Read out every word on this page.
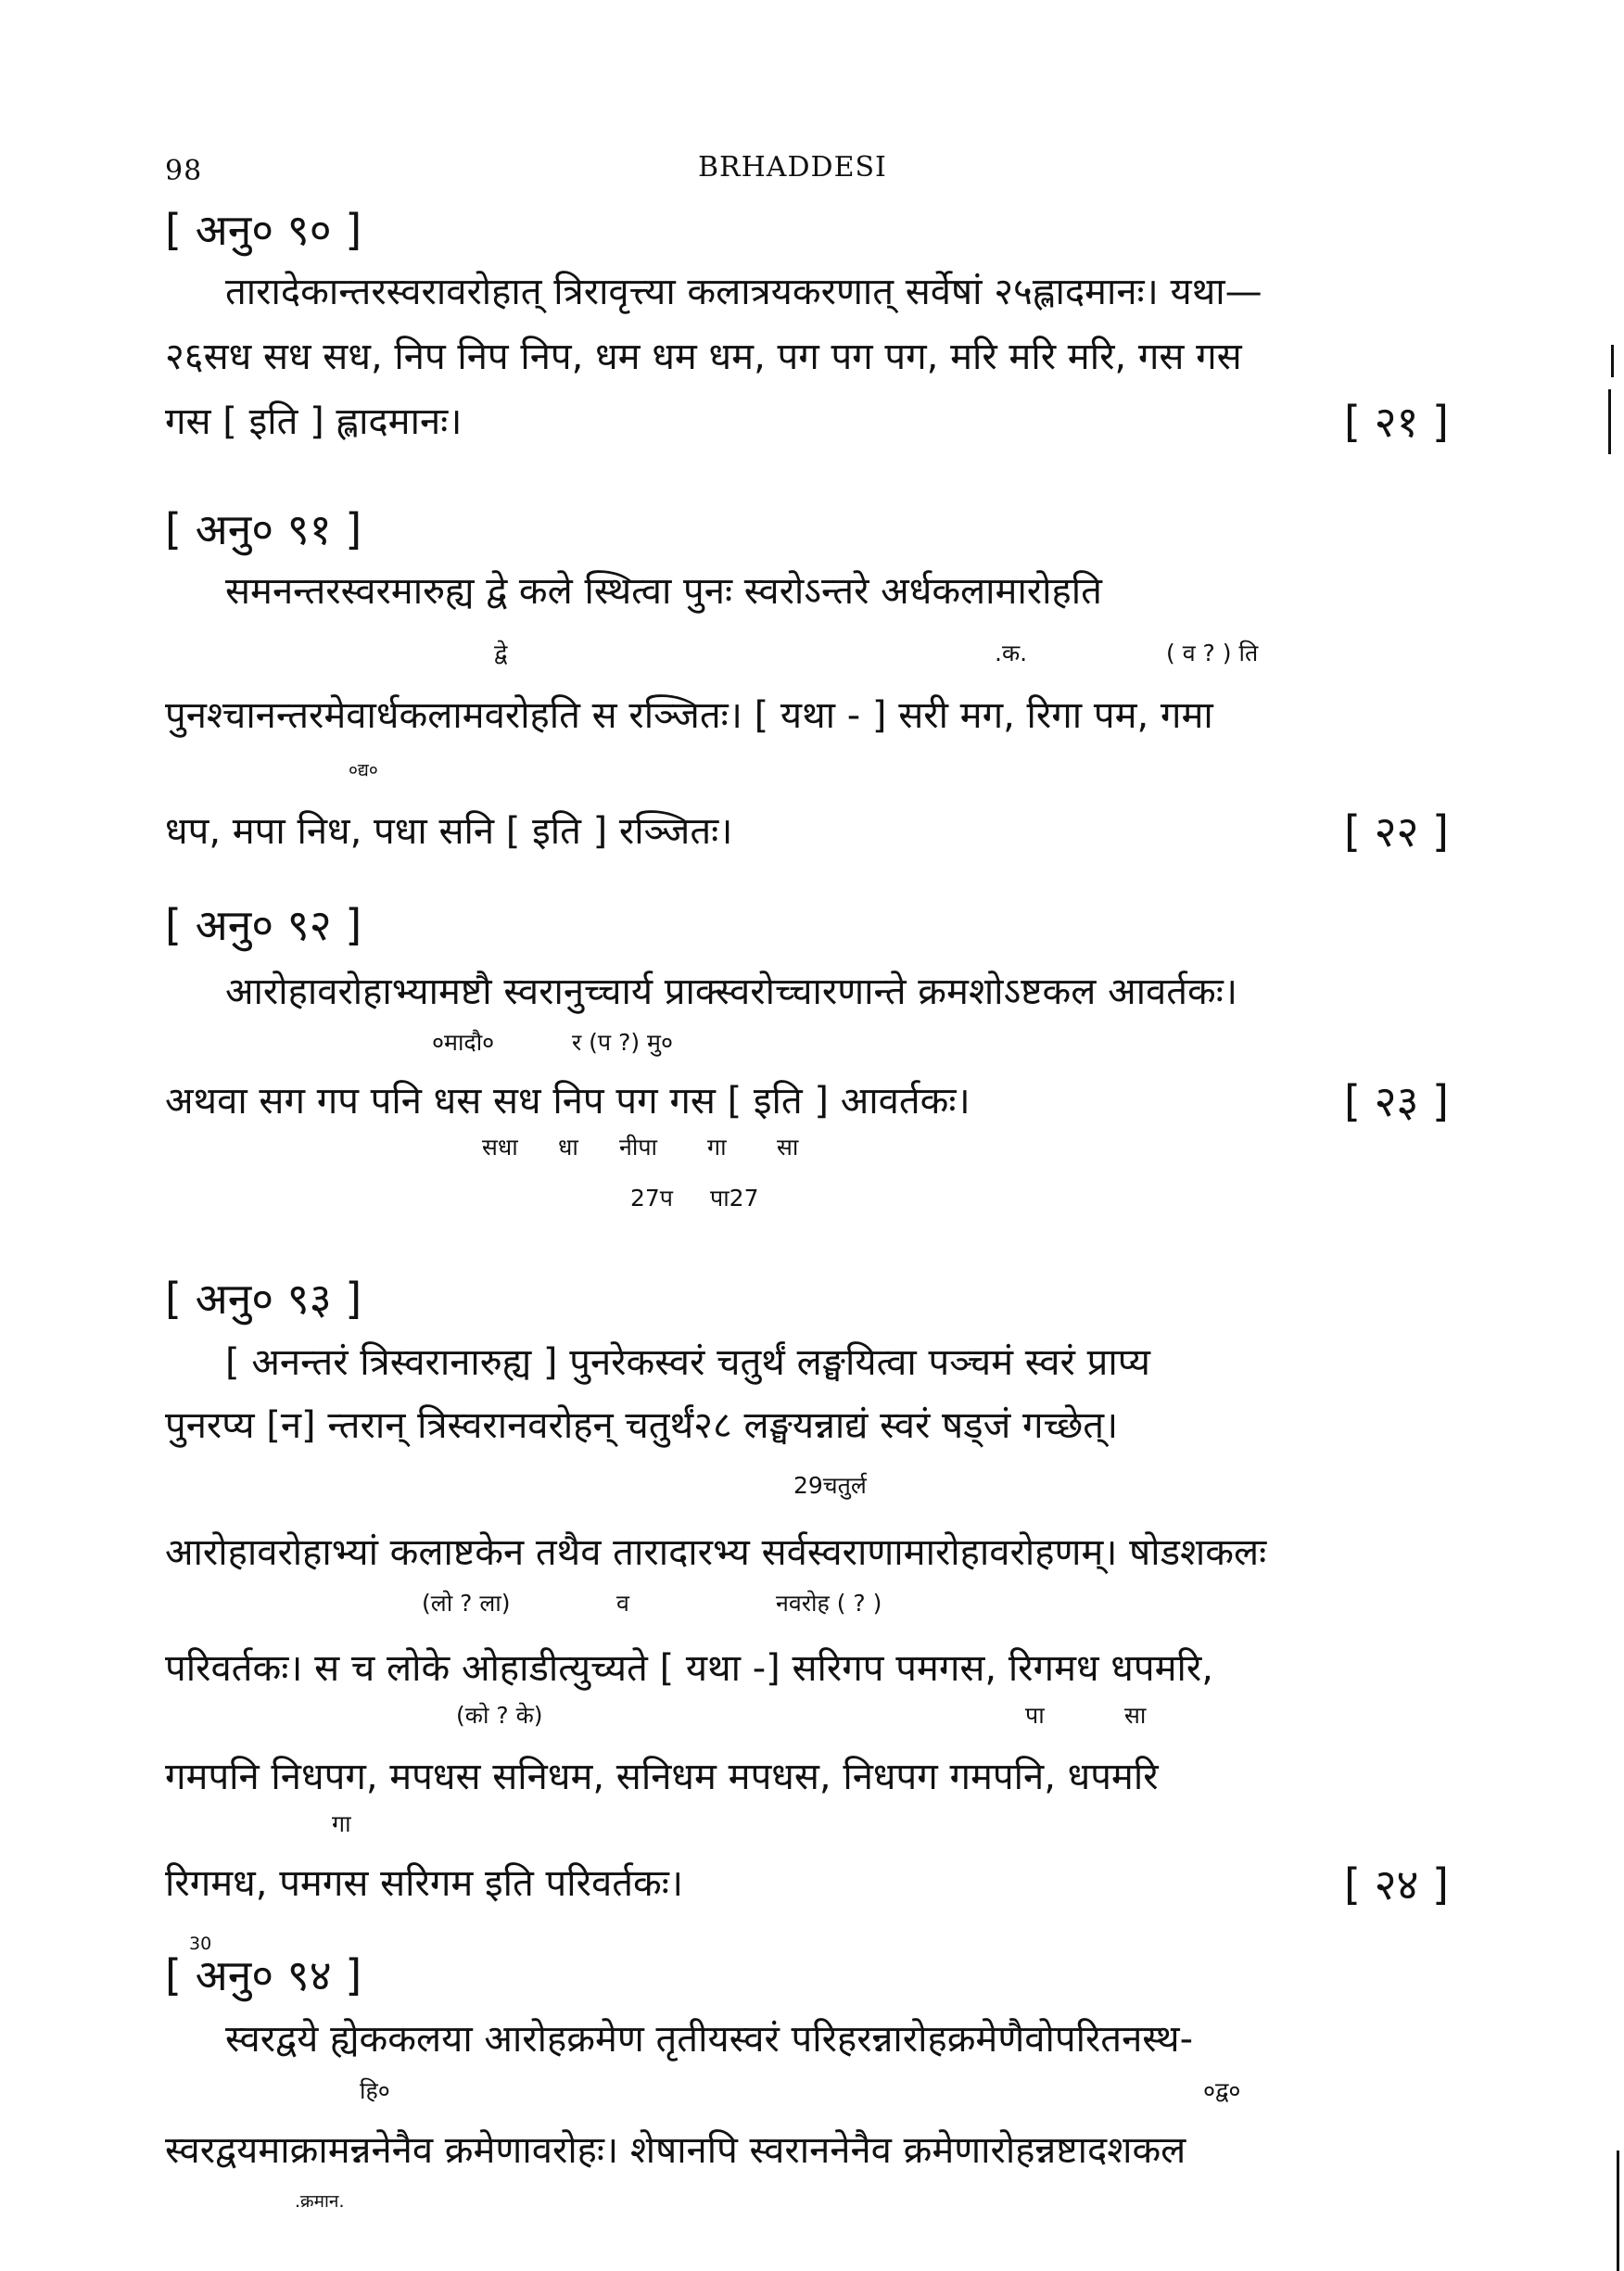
98	BRHADDESI
[ अनु० ९० ]
तारादेकान्तरस्वरावरोहात् त्रिरावृत्त्या कलात्रयकरणात् सर्वेषां २५ह्लादमानः। यथा—
२६सध सध सध, निप निप निप, धम धम धम, पग पग पग, मरि मरि मरि, गस गस
गस [ इति ] ह्लादमानः।	[ २१ ]
[ अनु० ९१ ]
समनन्तरस्वरमारुह्य द्वे कले स्थित्वा पुनः स्वरोऽन्तरे अर्धकलामारोहति
द्वे	.क.	( व ? ) ति
पुनश्चानन्तरमेवार्धकलामवरोहति स रञ्जितः। [ यथा - ] सरी मग, रिगा पम, गमा
०द्य०
धप, मपा निध, पधा सनि [ इति ] रञ्जितः।	[ २२ ]
[ अनु० ९२ ]
आरोहावरोहाभ्यामष्टौ स्वरानुच्चार्य प्राक्स्वरोच्चारणान्ते क्रमशोऽष्टकल आवर्तकः।
०मादौ०	र (प ?) मु०
अथवा सग गप पनि धस सध निप पग गस [ इति ] आवर्तकः।	[ २३ ]
सधा धा नीपा गा सा
27प पा27
[ अनु० ९३ ]
[ अनन्तरं त्रिस्वरानारुह्य ] पुनरेकस्वरं चतुर्थं लङ्घयित्वा पञ्चमं स्वरं प्राप्य
पुनरप्य [न] न्तरान् त्रिस्वरानवरोहन् चतुर्थं२८ लङ्घयन्नाद्यं स्वरं षड्जं गच्छेत्।
29चतुर्ल
आरोहावरोहाभ्यां कलाष्टकेन तथैव तारादारभ्य सर्वस्वराणामारोहावरोहणम्। षोडशकलः
(लो ? ला)	व	नवरोह ( ? )
परिवर्तकः। स च लोके ओहाडीत्युच्यते [ यथा -] सरिगप पमगस, रिगमध धपमरि,
(को ? के)	पा	सा
गमपनि निधपग, मपधस सनिधम, सनिधम मपधस, निधपग गमपनि, धपमरि
गा
रिगमध, पमगस सरिगम इति परिवर्तकः।	[ २४ ]
30
[ अनु० ९४ ]
स्वरद्वये ह्येककलया आरोहक्रमेण तृतीयस्वरं परिहरन्नारोहक्रमेणैवोपरितनस्थ-
हि०	०द्व०
स्वरद्वयमाक्रामन्ननेनैव क्रमेणावरोहः। शेषानपि स्वराननेनैव क्रमेणारोहन्नष्टादशकल
.क्रमान.
